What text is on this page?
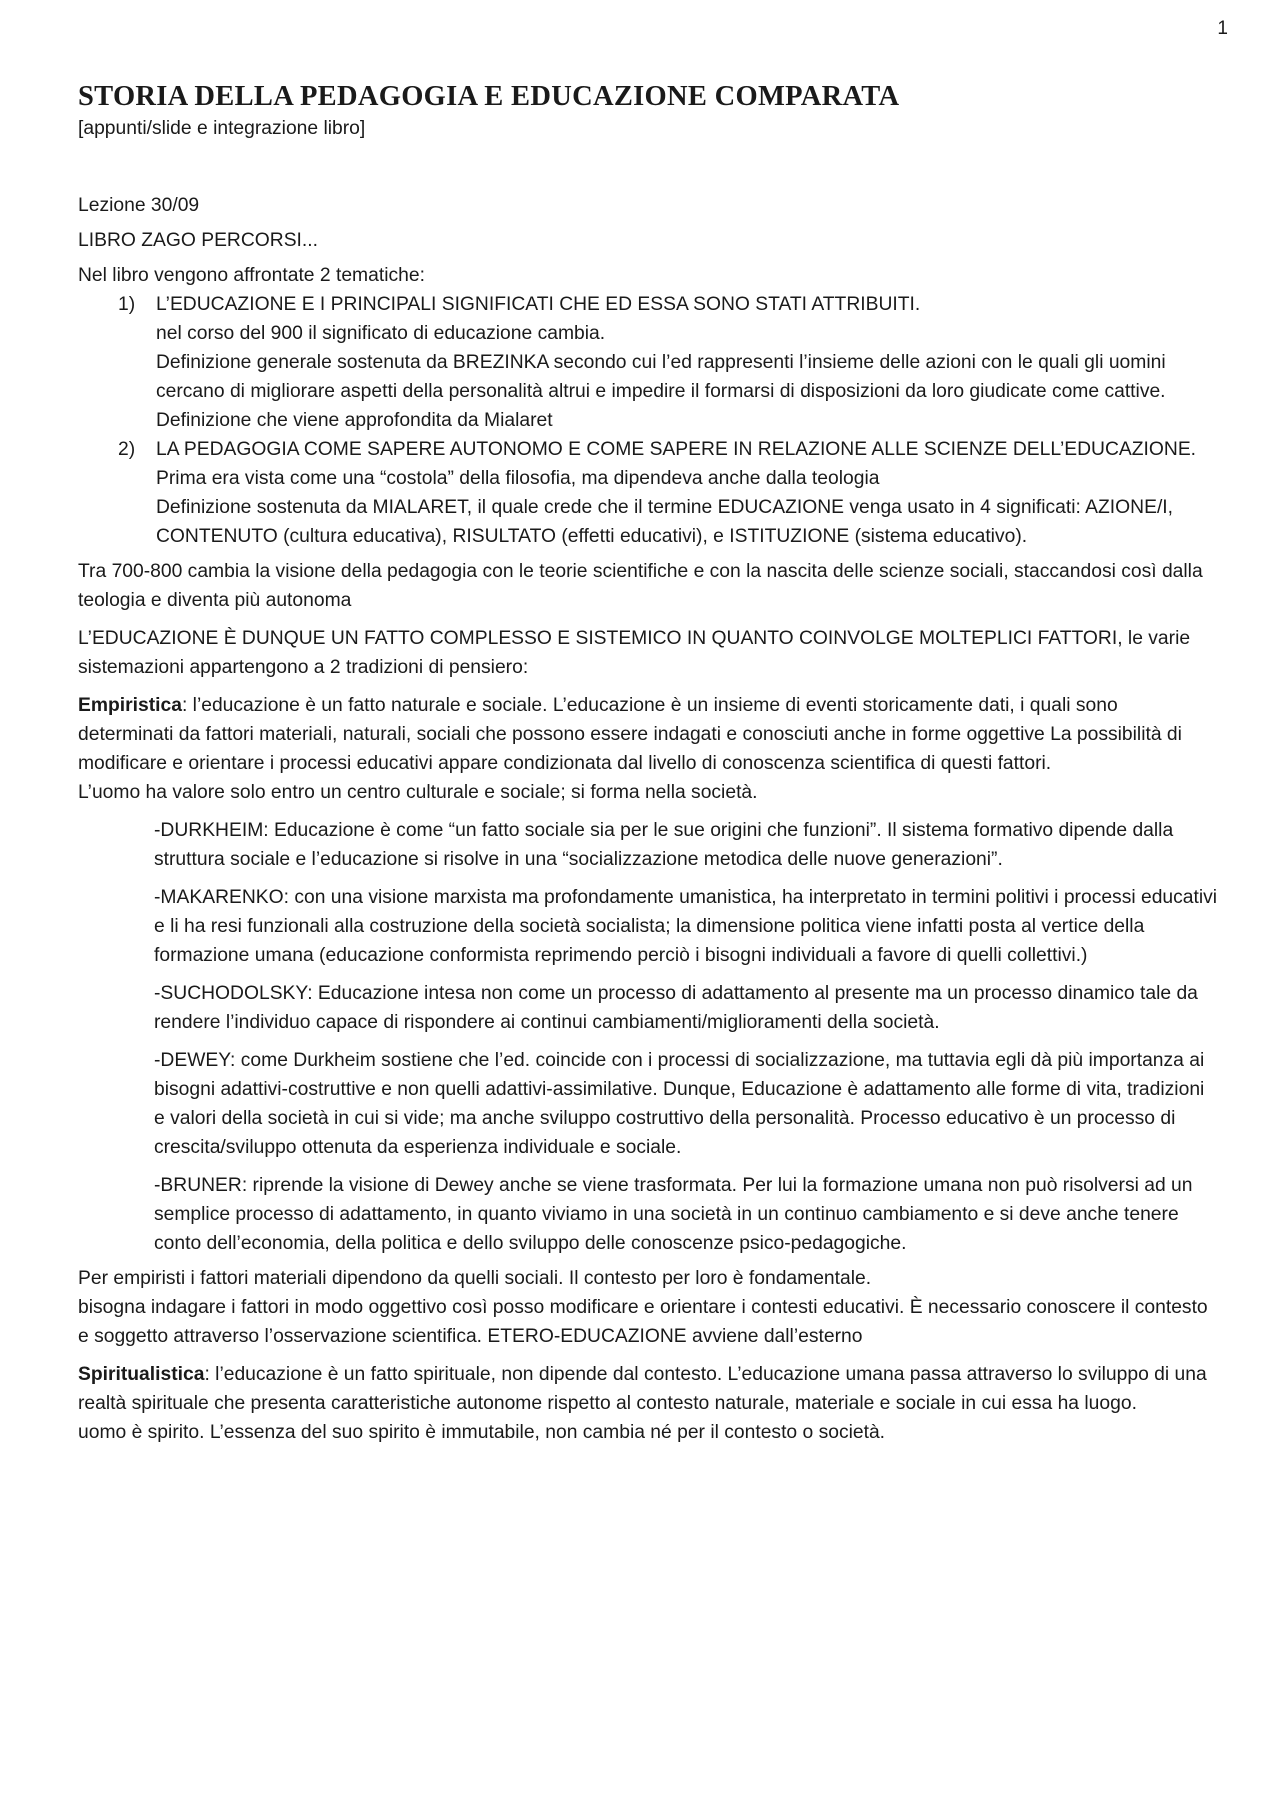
1
STORIA DELLA PEDAGOGIA E EDUCAZIONE COMPARATA

[appunti/slide e integrazione libro]

Lezione 30/09

LIBRO ZAGO PERCORSI...

Nel libro vengono affrontate 2 tematiche:

1) L’EDUCAZIONE E I PRINCIPALI SIGNIFICATI CHE ED ESSA SONO STATI ATTRIBUITI.
nel corso del 900 il significato di educazione cambia.
Definizione generale sostenuta da BREZINKA secondo cui l’ed rappresenti l’insieme delle azioni con le quali gli uomini cercano di migliorare aspetti della personalità altrui e impedire il formarsi di disposizioni da loro giudicate come cattive.
Definizione che viene approfondita da Mialaret
2) LA PEDAGOGIA COME SAPERE AUTONOMO E COME SAPERE IN RELAZIONE ALLE SCIENZE DELL’EDUCAZIONE.
Prima era vista come una “costola” della filosofia, ma dipendeva anche dalla teologia
Definizione sostenuta da MIALARET, il quale crede che il termine EDUCAZIONE venga usato in 4 significati: AZIONE/I, CONTENUTO (cultura educativa), RISULTATO (effetti educativi), e ISTITUZIONE (sistema educativo).

Tra 700-800 cambia la visione della pedagogia con le teorie scientifiche e con la nascita delle scienze sociali, staccandosi così dalla teologia e diventa più autonoma

L’EDUCAZIONE È DUNQUE UN FATTO COMPLESSO E SISTEMICO IN QUANTO COINVOLGE MOLTEPLICI FATTORI, le varie sistemazioni appartengono a 2 tradizioni di pensiero:

Empiristica: l’educazione è un fatto naturale e sociale. L’educazione è un insieme di eventi storicamente dati, i quali sono determinati da fattori materiali, naturali, sociali che possono essere indagati e conosciuti anche in forme oggettive La possibilità di modificare e orientare i processi educativi appare condizionata dal livello di conoscenza scientifica di questi fattori.

L’uomo ha valore solo entro un centro culturale e sociale; si forma nella società.

-DURKHEIM: Educazione è come “un fatto sociale sia per le sue origini che funzioni”. Il sistema formativo dipende dalla struttura sociale e l’educazione si risolve in una “socializzazione metodica delle nuove generazioni”.

-MAKARENKO: con una visione marxista ma profondamente umanistica, ha interpretato in termini politivi i processi educativi e li ha resi funzionali alla costruzione della società socialista; la dimensione politica viene infatti posta al vertice della formazione umana (educazione conformista reprimendo perciò i bisogni individuali a favore di quelli collettivi.)

-SUCHODOLSKY: Educazione intesa non come un processo di adattamento al presente ma un processo dinamico tale da rendere l’individuo capace di rispondere ai continui cambiamenti/miglioramenti della società.

-DEWEY: come Durkheim sostiene che l’ed. coincide con i processi di socializzazione, ma tuttavia egli dà più importanza ai bisogni adattivi-costruttive e non quelli adattivi-assimilative. Dunque, Educazione è adattamento alle forme di vita, tradizioni e valori della società in cui si vide; ma anche sviluppo costruttivo della personalità. Processo educativo è un processo di crescita/sviluppo ottenuta da esperienza individuale e sociale.

-BRUNER: riprende la visione di Dewey anche se viene trasformata. Per lui la formazione umana non può risolversi ad un semplice processo di adattamento, in quanto viviamo in una società in un continuo cambiamento e si deve anche tenere conto dell’economia, della politica e dello sviluppo delle conoscenze psico-pedagogiche.

Per empiristi i fattori materiali dipendono da quelli sociali. Il contesto per loro è fondamentale.

bisogna indagare i fattori in modo oggettivo così posso modificare e orientare i contesti educativi. È necessario conoscere il contesto e soggetto attraverso l’osservazione scientifica. ETERO-EDUCAZIONE avviene dall’esterno

Spiritualistica: l’educazione è un fatto spirituale, non dipende dal contesto. L’educazione umana passa attraverso lo sviluppo di una realtà spirituale che presenta caratteristiche autonome rispetto al contesto naturale, materiale e sociale in cui essa ha luogo.

uomo è spirito. L’essenza del suo spirito è immutabile, non cambia né per il contesto o società.
